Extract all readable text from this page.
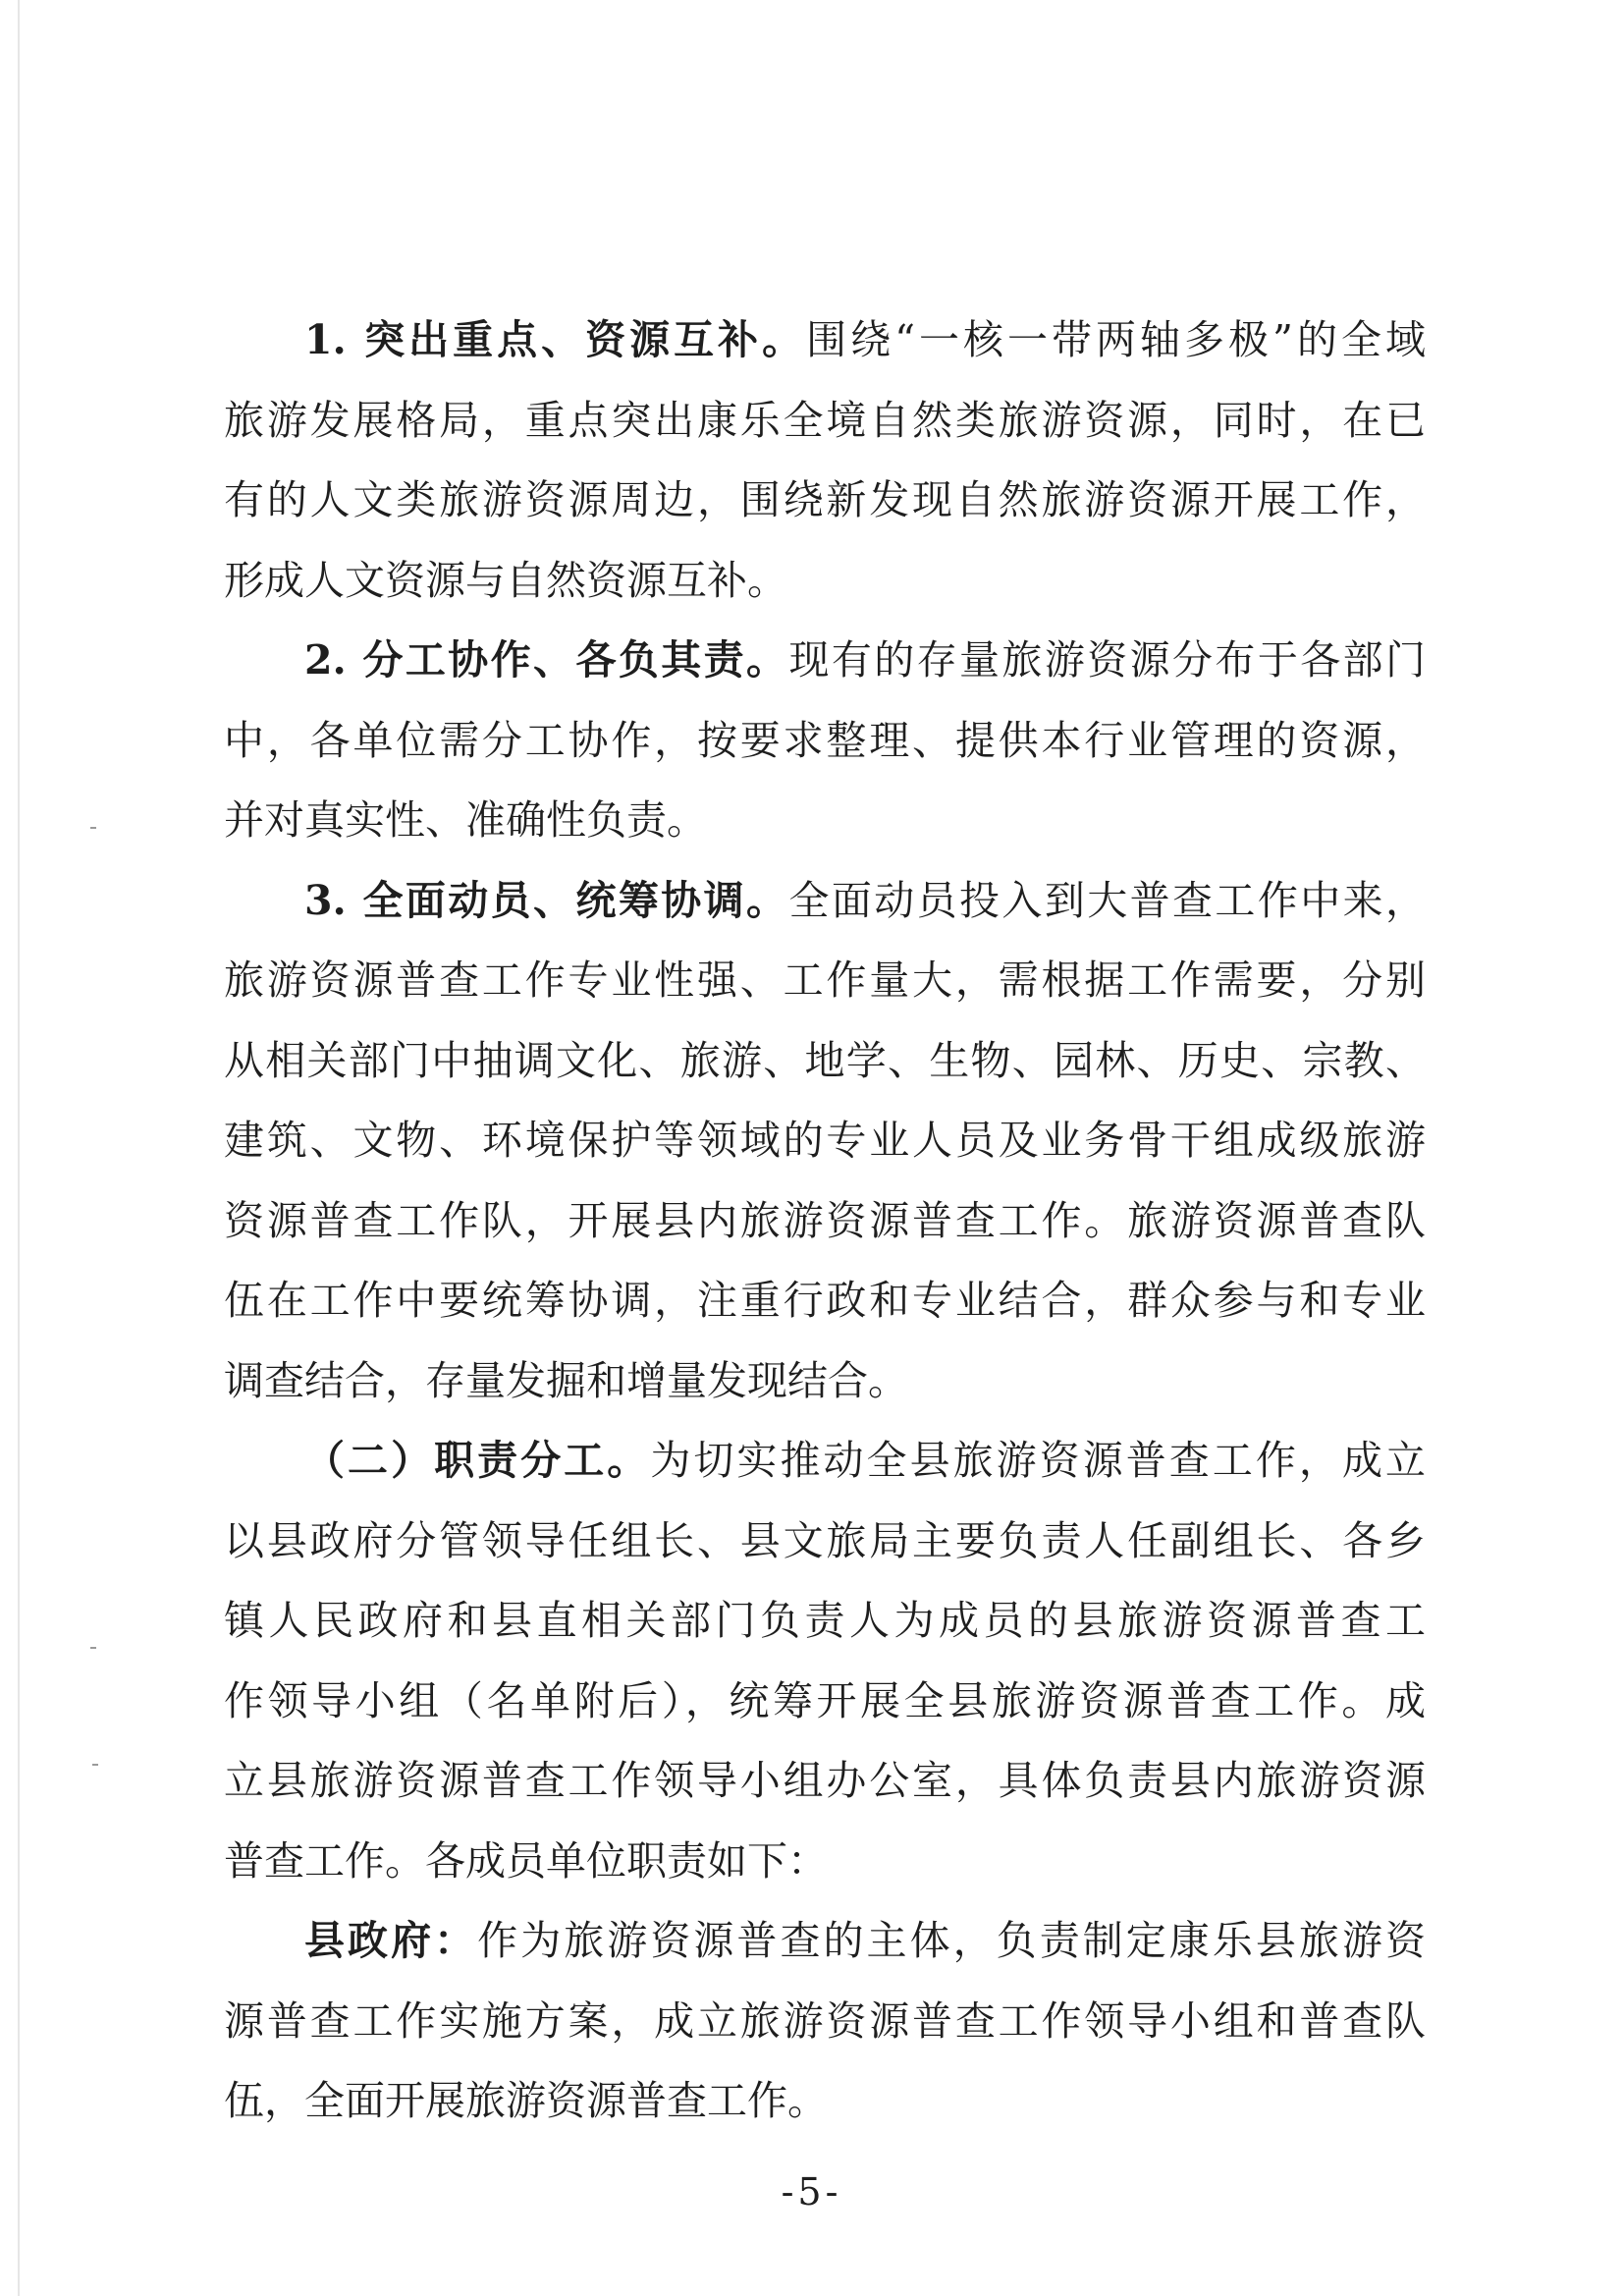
1. 突出重点、资源互补。围绕“一核一带两轴多极”的全域
旅游发展格局，重点突出康乐全境自然类旅游资源，同时，在已
有的人文类旅游资源周边，围绕新发现自然旅游资源开展工作，
形成人文资源与自然资源互补。
2. 分工协作、各负其责。现有的存量旅游资源分布于各部门
中，各单位需分工协作，按要求整理、提供本行业管理的资源，
并对真实性、准确性负责。
3. 全面动员、统筹协调。全面动员投入到大普查工作中来，
旅游资源普查工作专业性强、工作量大，需根据工作需要，分别
从相关部门中抽调文化、旅游、地学、生物、园林、历史、宗教、
建筑、文物、环境保护等领域的专业人员及业务骨干组成级旅游
资源普查工作队，开展县内旅游资源普查工作。旅游资源普查队
伍在工作中要统筹协调，注重行政和专业结合，群众参与和专业
调查结合，存量发掘和增量发现结合。
（二）职责分工。为切实推动全县旅游资源普查工作，成立
以县政府分管领导任组长、县文旅局主要负责人任副组长、各乡
镇人民政府和县直相关部门负责人为成员的县旅游资源普查工
作领导小组（名单附后），统筹开展全县旅游资源普查工作。成
立县旅游资源普查工作领导小组办公室，具体负责县内旅游资源
普查工作。各成员单位职责如下：
县政府：作为旅游资源普查的主体，负责制定康乐县旅游资
源普查工作实施方案，成立旅游资源普查工作领导小组和普查队
伍，全面开展旅游资源普查工作。
-5-
